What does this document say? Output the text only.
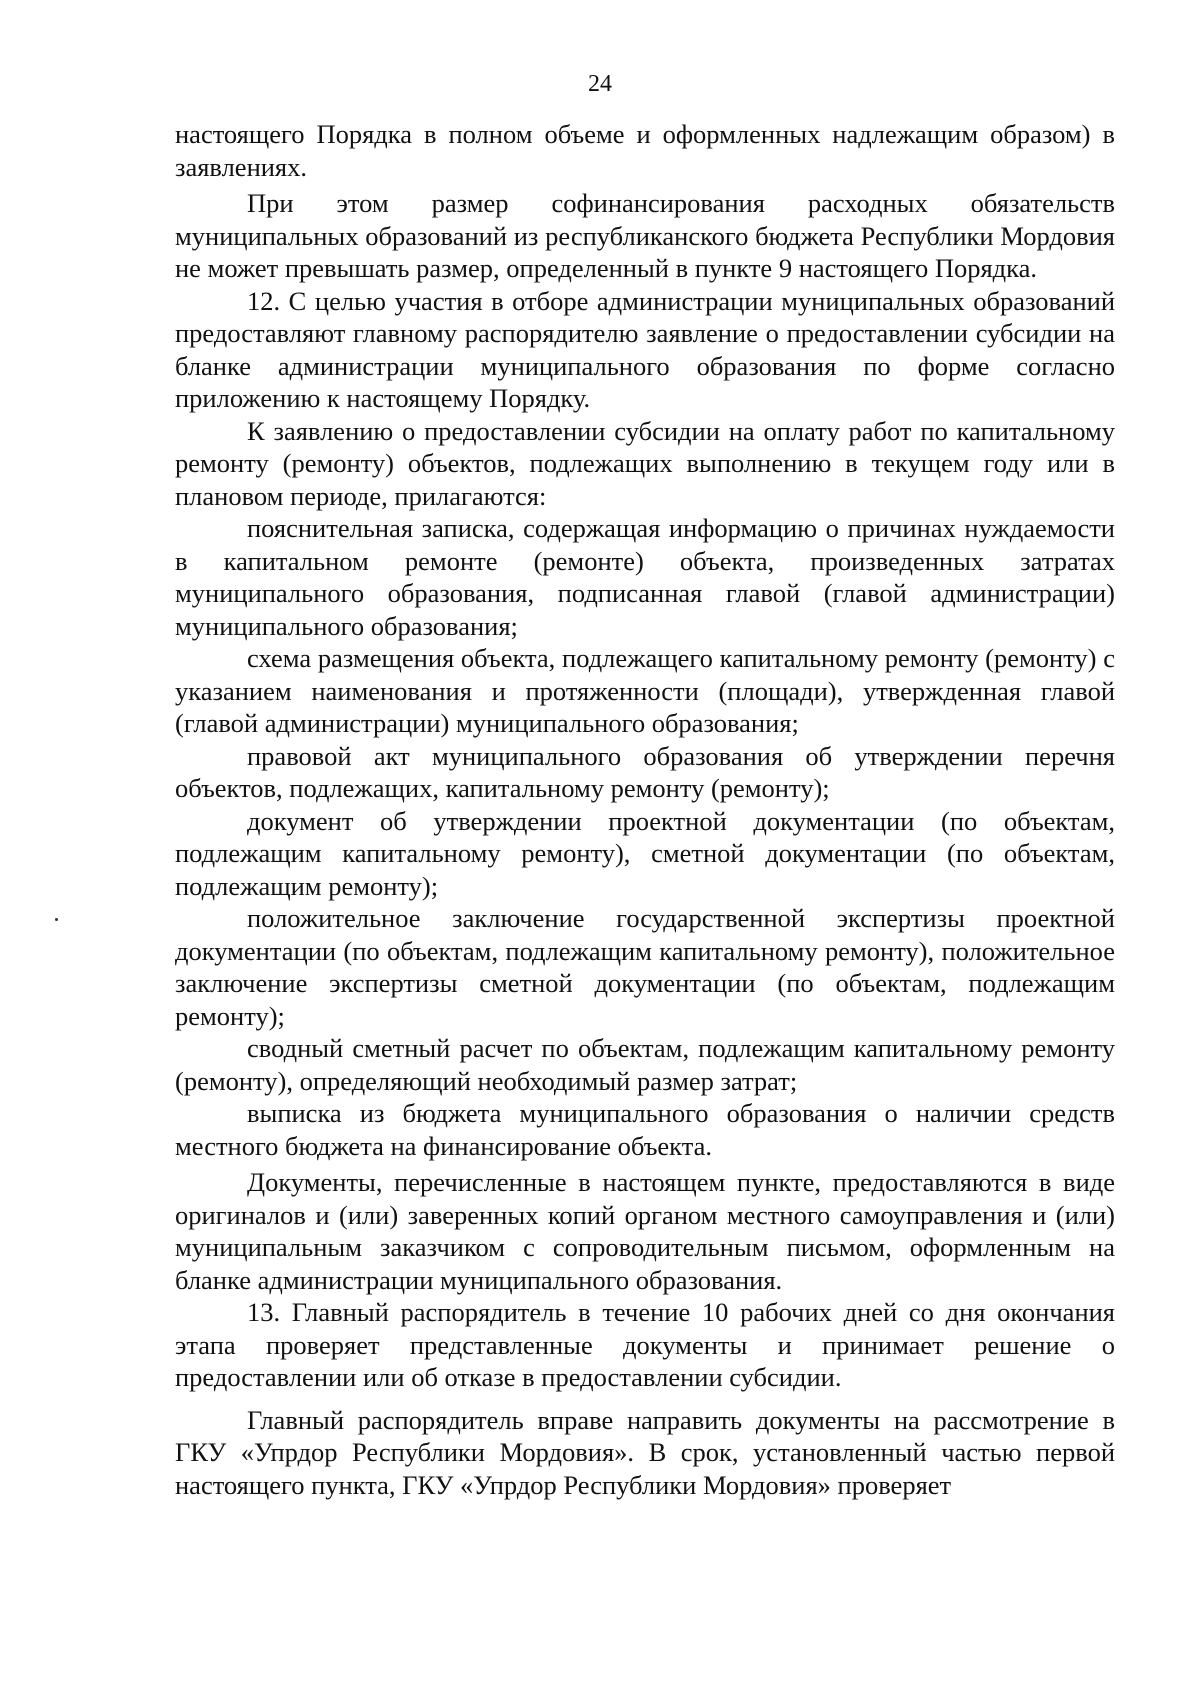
24

настоящего Порядка в полном объеме и оформленных надлежащим образом) в заявлениях.

При этом размер софинансирования расходных обязательств муниципальных образований из республиканского бюджета Республики Мордовия не может превышать размер, определенный в пункте 9 настоящего Порядка.

12. С целью участия в отборе администрации муниципальных образований предоставляют главному распорядителю заявление о предоставлении субсидии на бланке администрации муниципального образования по форме согласно приложению к настоящему Порядку.

К заявлению о предоставлении субсидии на оплату работ по капитальному ремонту (ремонту) объектов, подлежащих выполнению в текущем году или в плановом периоде, прилагаются:

пояснительная записка, содержащая информацию о причинах нуждаемости в капитальном ремонте (ремонте) объекта, произведенных затратах муниципального образования, подписанная главой (главой администрации) муниципального образования;

схема размещения объекта, подлежащего капитальному ремонту (ремонту) с указанием наименования и протяженности (площади), утвержденная главой (главой администрации) муниципального образования;

правовой акт муниципального образования об утверждении перечня объектов, подлежащих, капитальному ремонту (ремонту);

документ об утверждении проектной документации (по объектам, подлежащим капитальному ремонту), сметной документации (по объектам, подлежащим ремонту);

положительное заключение государственной экспертизы проектной документации (по объектам, подлежащим капитальному ремонту), положительное заключение экспертизы сметной документации (по объектам, подлежащим ремонту);

сводный сметный расчет по объектам, подлежащим капитальному ремонту (ремонту), определяющий необходимый размер затрат;

выписка из бюджета муниципального образования о наличии средств местного бюджета на финансирование объекта.

Документы, перечисленные в настоящем пункте, предоставляются в виде оригиналов и (или) заверенных копий органом местного самоуправления и (или) муниципальным заказчиком с сопроводительным письмом, оформленным на бланке администрации муниципального образования.

13. Главный распорядитель в течение 10 рабочих дней со дня окончания этапа проверяет представленные документы и принимает решение о предоставлении или об отказе в предоставлении субсидии.

Главный распорядитель вправе направить документы на рассмотрение в ГКУ «Упрдор Республики Мордовия». В срок, установленный частью первой настоящего пункта, ГКУ «Упрдор Республики Мордовия» проверяет
